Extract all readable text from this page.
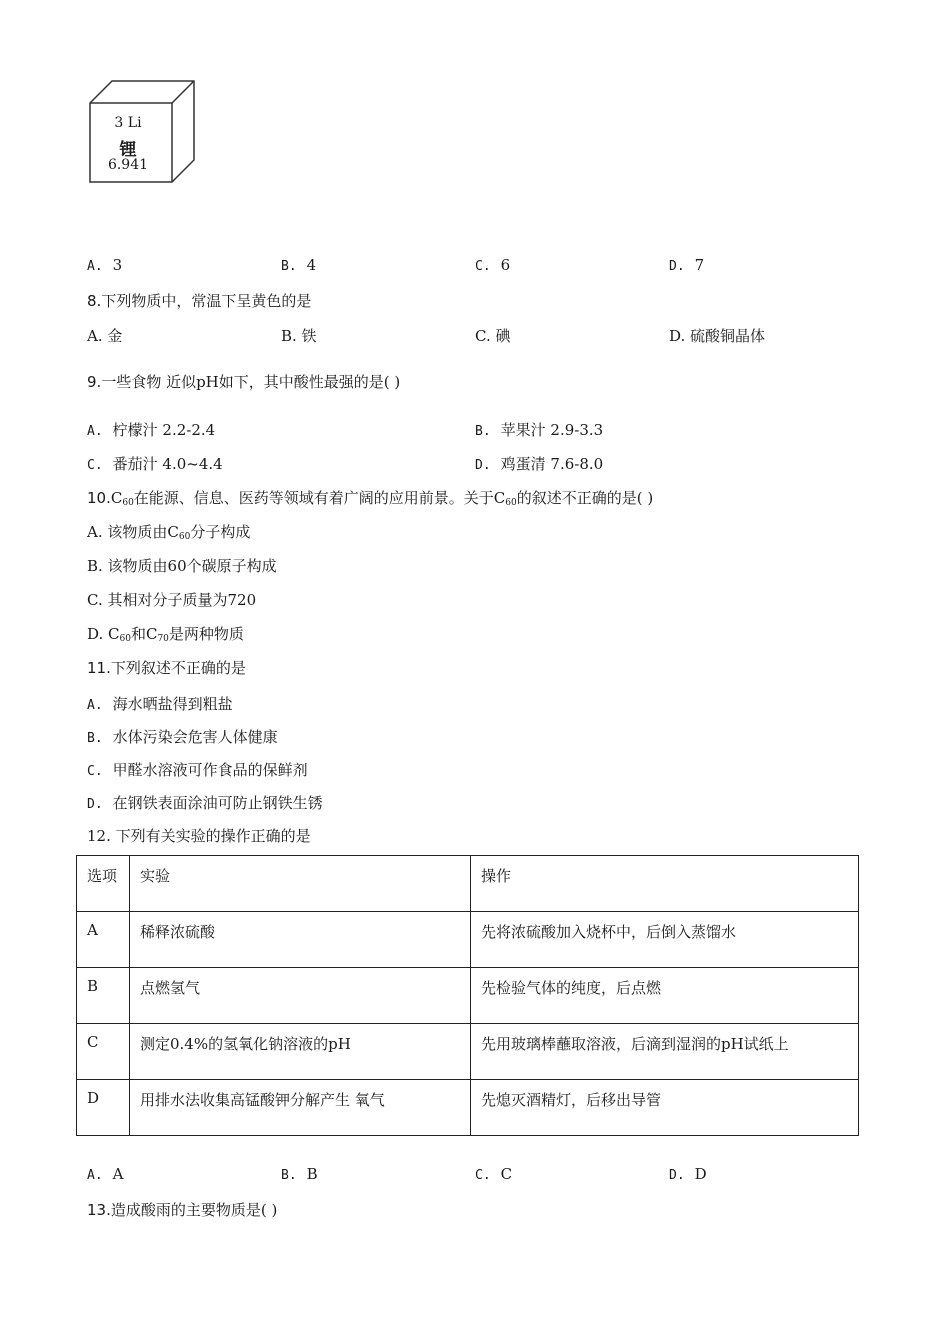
3 Li
锂
6.941
A. 3	B. 4	C. 6	D. 7
8.下列物质中，常温下呈黄色的是
A. 金	B. 铁	C. 碘	D. 硫酸铜晶体
9.一些食物 近似pH如下，其中酸性最强的是( )
A. 柠檬汁 2.2-2.4	B. 苹果汁 2.9-3.3
C. 番茄汁 4.0~4.4	D. 鸡蛋清 7.6-8.0
$10.C_{60}$在能源、信息、医药等领域有着广阔的应用前景。关于$C_{60}$的叙述不正确的是( )
A. 该物质由$C_{60}$分子构成
B. 该物质由60个碳原子构成
C. 其相对分子质量为720
D. $C_{60}$和$C_{70}$是两种物质
11.下列叙述不正确的是
A. 海水晒盐得到粗盐
B. 水体污染会危害人体健康
C. 甲醛水溶液可作食品的保鲜剂
D. 在钢铁表面涂油可防止钢铁生锈
12. 下列有关实验的操作正确的是
选项	实验	操作
A	稀释浓硫酸	先将浓硫酸加入烧杯中，后倒入蒸馏水
B	点燃氢气	先检验气体的纯度，后点燃
C	测定0.4%的氢氧化钠溶液的pH	先用玻璃棒蘸取溶液，后滴到湿润的pH试纸上
D	用排水法收集高锰酸钾分解产生 氧气	先熄灭酒精灯，后移出导管
A. A	B. B	C. C	D. D
13.造成酸雨的主要物质是( )
